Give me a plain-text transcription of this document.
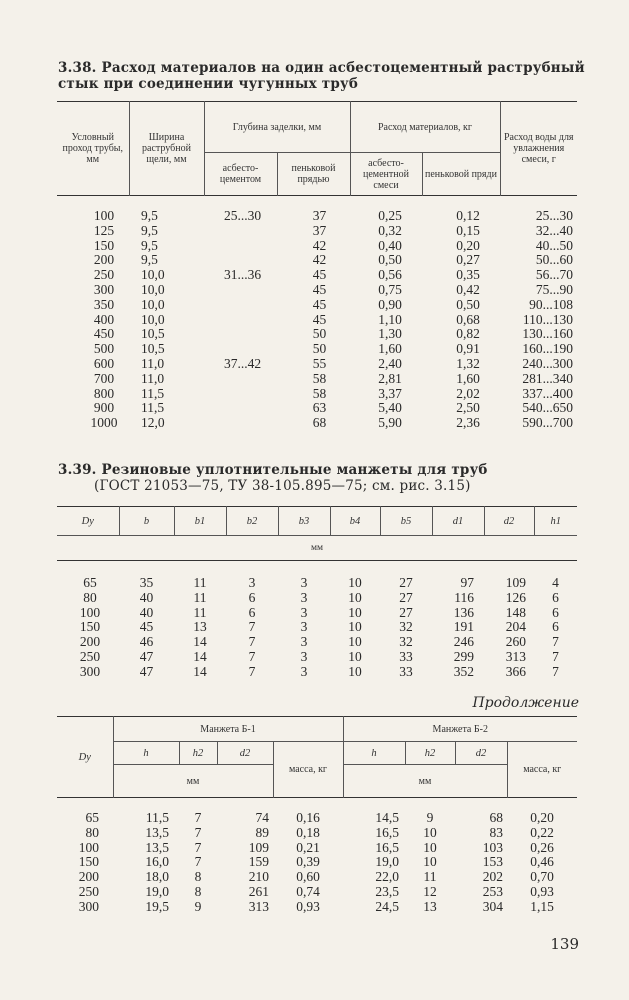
3.38. Расход материалов на один асбестоцементный раструбный
стык при соединении чугунных труб
Условный проход трубы, мм	Ширина раструбной щели, мм	Глубина заделки, мм		Расход материалов, кг		Расход воды для увлажнения смеси, г
		асбесто-цементом	пеньковой прядью	асбесто-цементной смеси	пеньковой пряди	

100	9,5	25...30	37	0,25	0,12	25...30
125	9,5		37	0,32	0,15	32...40
150	9,5		42	0,40	0,20	40...50
200	9,5		42	0,50	0,27	50...60
250	10,0	31...36	45	0,56	0,35	56...70
300	10,0		45	0,75	0,42	75...90
350	10,0		45	0,90	0,50	90...108
400	10,0		45	1,10	0,68	110...130
450	10,5		50	1,30	0,82	130...160
500	10,5		50	1,60	0,91	160...190
600	11,0	37...42	55	2,40	1,32	240...300
700	11,0		58	2,81	1,60	281...340
800	11,5		58	3,37	2,02	337...400
900	11,5		63	5,40	2,50	540...650
1000	12,0		68	5,90	2,36	590...700
3.39. Резиновые уплотнительные манжеты для труб
(ГОСТ 21053—75, ТУ 38-105.895—75; см. рис. 3.15)
Dу	b	b1	b2	b3	b4	b5	d1	d2	h1
мм									

65	35	11	3	3	10	27	97	109	4
80	40	11	6	3	10	27	116	126	6
100	40	11	6	3	10	27	136	148	6
150	45	13	7	3	10	32	191	204	6
200	46	14	7	3	10	32	246	260	7
250	47	14	7	3	10	33	299	313	7
300	47	14	7	3	10	33	352	366	7
Продолжение
Dу	Манжета Б-1				Манжета Б-2			
	h	h2	d2	масса, кг	h	h2	d2	масса, кг
	мм				мм			

65	11,5	7	74	0,16	14,5	9	68	0,20
80	13,5	7	89	0,18	16,5	10	83	0,22
100	13,5	7	109	0,21	16,5	10	103	0,26
150	16,0	7	159	0,39	19,0	10	153	0,46
200	18,0	8	210	0,60	22,0	11	202	0,70
250	19,0	8	261	0,74	23,5	12	253	0,93
300	19,5	9	313	0,93	24,5	13	304	1,15
139
